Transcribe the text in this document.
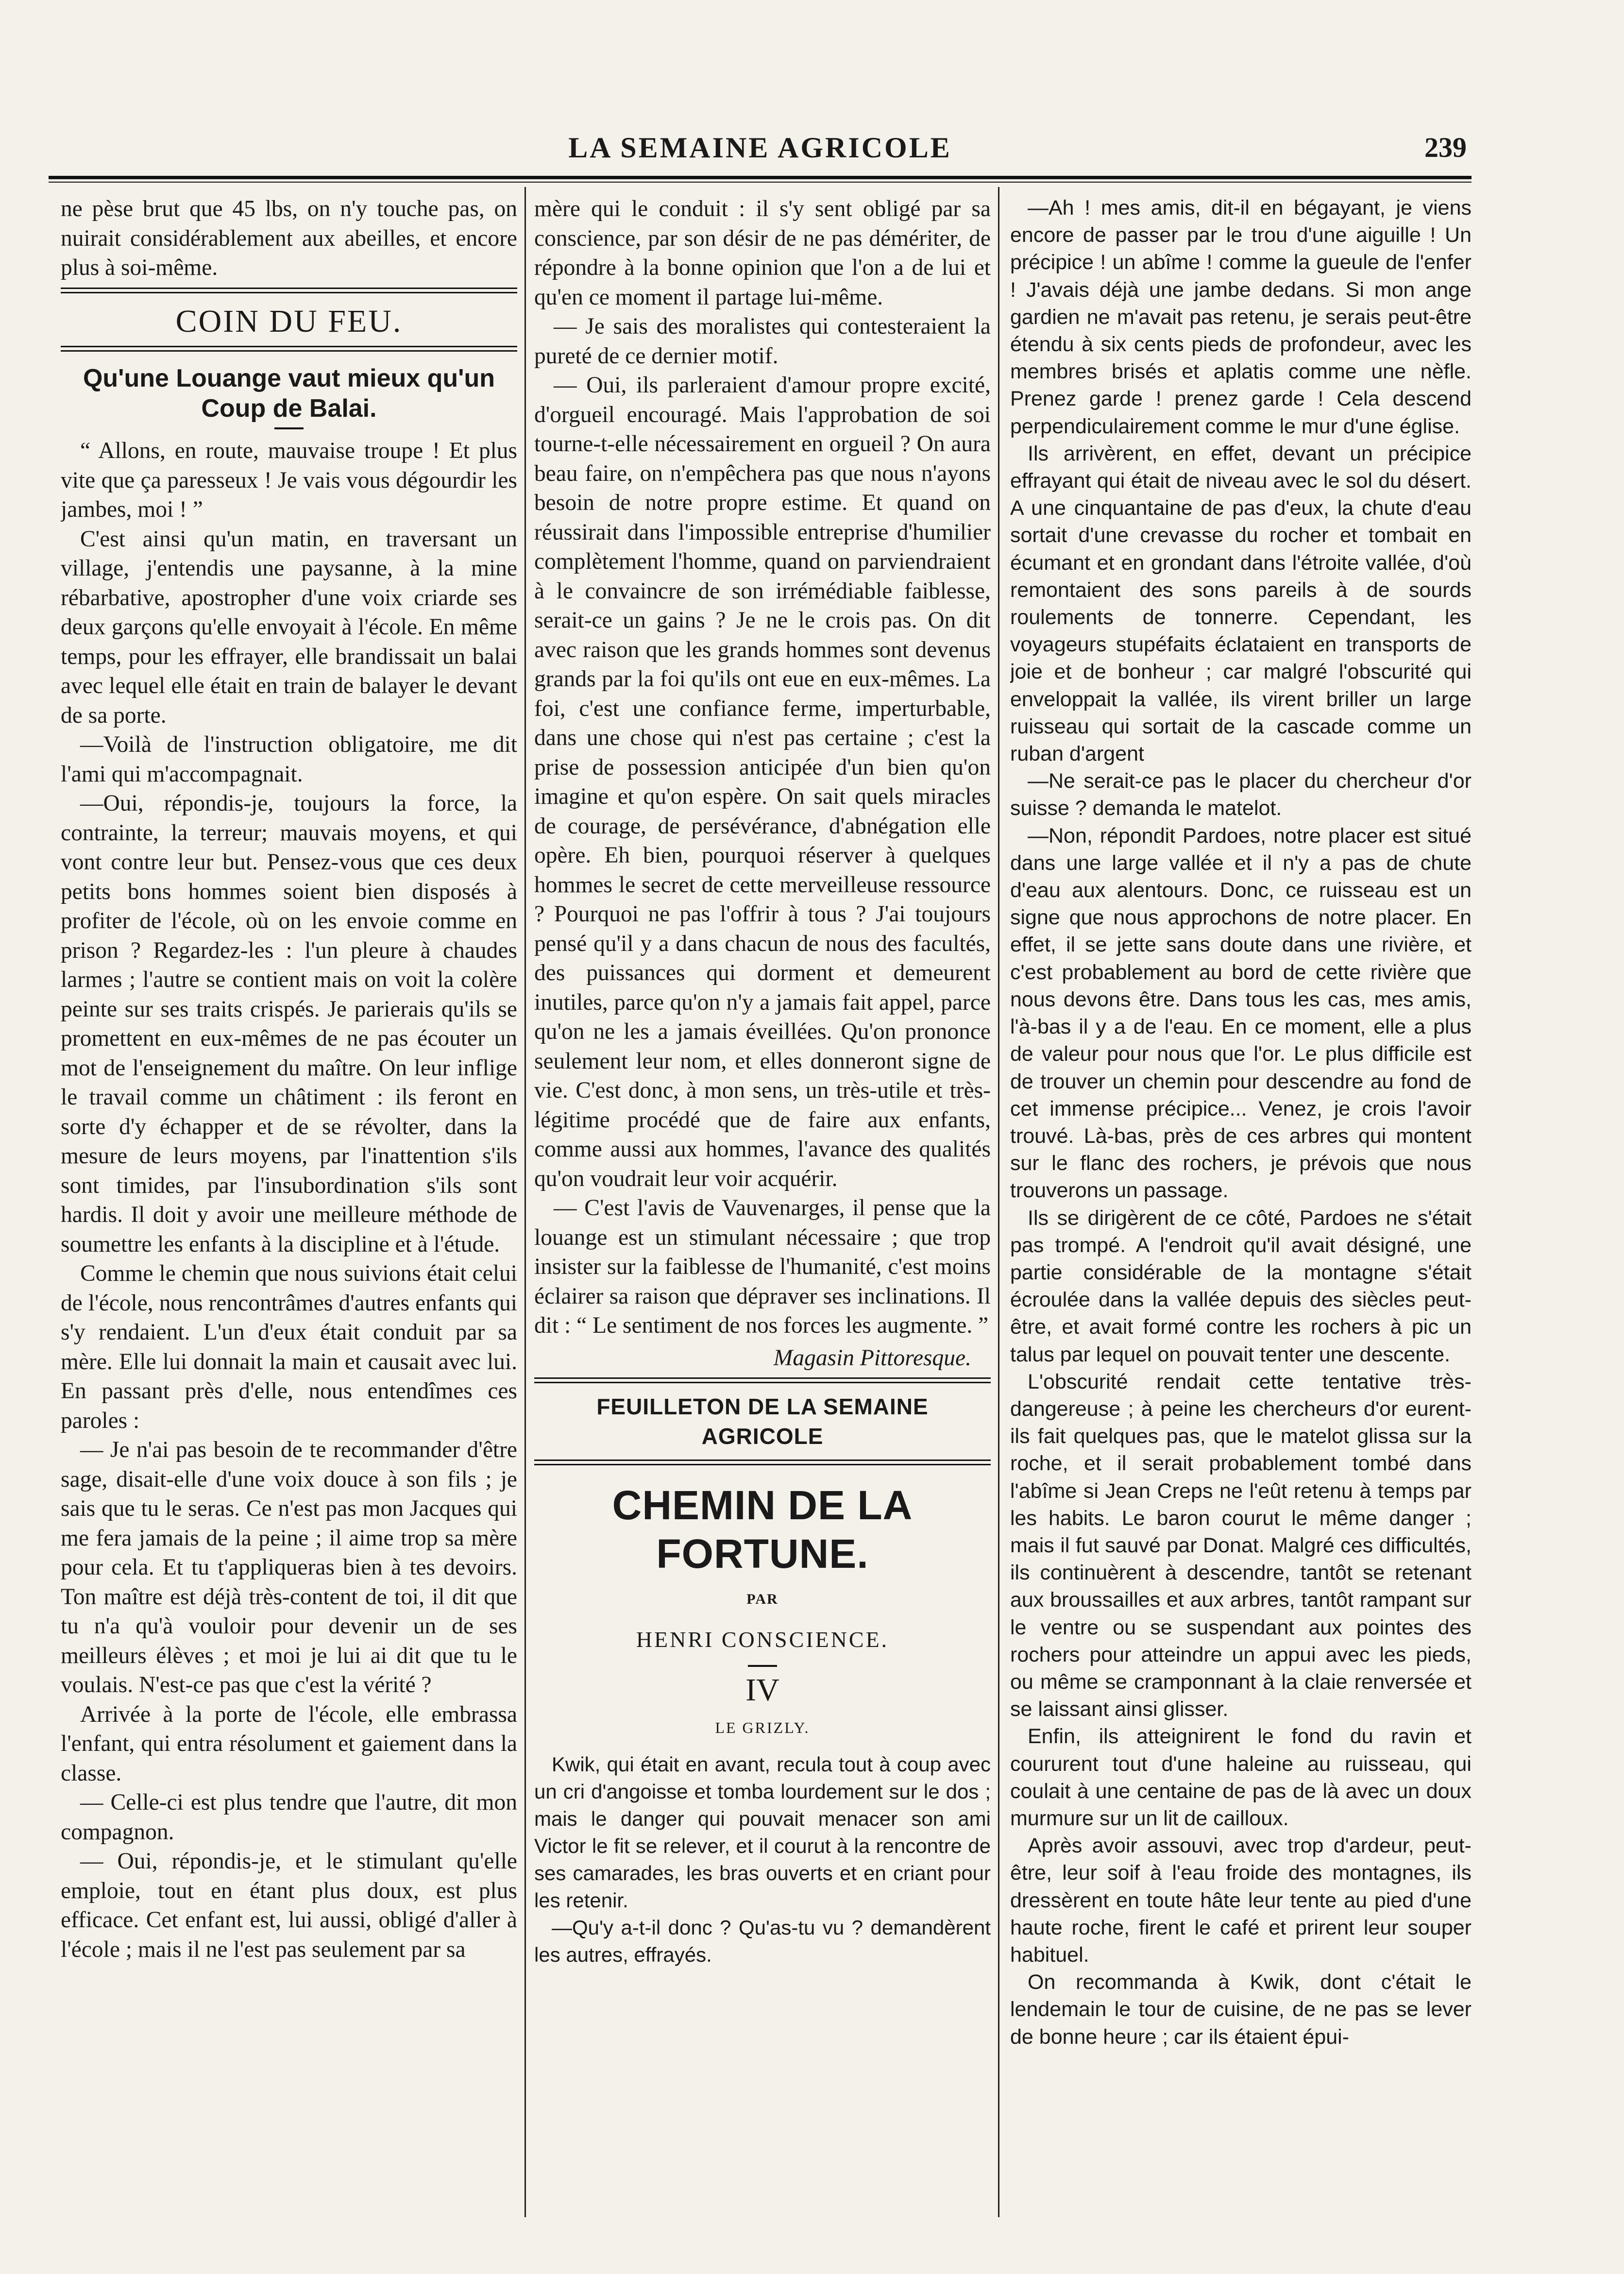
LA SEMAINE AGRICOLE	239

ne pèse brut que 45 lbs, on n'y touche pas, on nuirait considérablement aux abeilles, et encore plus à soi-même.

COIN DU FEU.
Qu'une Louange vaut mieux qu'un
Coup de Balai.

“ Allons, en route, mauvaise troupe ! Et plus vite que ça paresseux ! Je vais vous dégourdir les jambes, moi ! ”

C'est ainsi qu'un matin, en traversant un village, j'entendis une paysanne, à la mine rébarbative, apostropher d'une voix criarde ses deux garçons qu'elle envoyait à l'école. En même temps, pour les effrayer, elle brandissait un balai avec lequel elle était en train de balayer le devant de sa porte.

—Voilà de l'instruction obligatoire, me dit l'ami qui m'accompagnait.

—Oui, répondis-je, toujours la force, la contrainte, la terreur; mauvais moyens, et qui vont contre leur but. Pensez-vous que ces deux petits bons hommes soient bien disposés à profiter de l'école, où on les envoie comme en prison ? Regardez-les : l'un pleure à chaudes larmes ; l'autre se contient mais on voit la colère peinte sur ses traits crispés. Je parierais qu'ils se promettent en eux-mêmes de ne pas écouter un mot de l'enseignement du maître. On leur inflige le travail comme un châtiment : ils feront en sorte d'y échapper et de se révolter, dans la mesure de leurs moyens, par l'inattention s'ils sont timides, par l'insubordination s'ils sont hardis. Il doit y avoir une meilleure méthode de soumettre les enfants à la discipline et à l'étude.

Comme le chemin que nous suivions était celui de l'école, nous rencontrâmes d'autres enfants qui s'y rendaient. L'un d'eux était conduit par sa mère. Elle lui donnait la main et causait avec lui. En passant près d'elle, nous entendîmes ces paroles :

— Je n'ai pas besoin de te recommander d'être sage, disait-elle d'une voix douce à son fils ; je sais que tu le seras. Ce n'est pas mon Jacques qui me fera jamais de la peine ; il aime trop sa mère pour cela. Et tu t'appliqueras bien à tes devoirs. Ton maître est déjà très-content de toi, il dit que tu n'a qu'à vouloir pour devenir un de ses meilleurs élèves ; et moi je lui ai dit que tu le voulais. N'est-ce pas que c'est la vérité ?

Arrivée à la porte de l'école, elle embrassa l'enfant, qui entra résolument et gaiement dans la classe.

— Celle-ci est plus tendre que l'autre, dit mon compagnon.

— Oui, répondis-je, et le stimulant qu'elle emploie, tout en étant plus doux, est plus efficace. Cet enfant est, lui aussi, obligé d'aller à l'école ; mais il ne l'est pas seulement par sa

mère qui le conduit : il s'y sent obligé par sa conscience, par son désir de ne pas démériter, de répondre à la bonne opinion que l'on a de lui et qu'en ce moment il partage lui-même.

— Je sais des moralistes qui contesteraient la pureté de ce dernier motif.

— Oui, ils parleraient d'amour propre excité, d'orgueil encouragé. Mais l'approbation de soi tourne-t-elle nécessairement en orgueil ? On aura beau faire, on n'empêchera pas que nous n'ayons besoin de notre propre estime. Et quand on réussirait dans l'impossible entreprise d'humilier complètement l'homme, quand on parviendraient à le convaincre de son irrémédiable faiblesse, serait-ce un gains ? Je ne le crois pas. On dit avec raison que les grands hommes sont devenus grands par la foi qu'ils ont eue en eux-mêmes. La foi, c'est une confiance ferme, imperturbable, dans une chose qui n'est pas certaine ; c'est la prise de possession anticipée d'un bien qu'on imagine et qu'on espère. On sait quels miracles de courage, de persévérance, d'abnégation elle opère. Eh bien, pourquoi réserver à quelques hommes le secret de cette merveilleuse ressource ? Pourquoi ne pas l'offrir à tous ? J'ai toujours pensé qu'il y a dans chacun de nous des facultés, des puissances qui dorment et demeurent inutiles, parce qu'on n'y a jamais fait appel, parce qu'on ne les a jamais éveillées. Qu'on prononce seulement leur nom, et elles donneront signe de vie. C'est donc, à mon sens, un très-utile et très-légitime procédé que de faire aux enfants, comme aussi aux hommes, l'avance des qualités qu'on voudrait leur voir acquérir.

— C'est l'avis de Vauvenarges, il pense que la louange est un stimulant nécessaire ; que trop insister sur la faiblesse de l'humanité, c'est moins éclairer sa raison que dépraver ses inclinations. Il dit : “ Le sentiment de nos forces les augmente. ”

Magasin Pittoresque.
FEUILLETON DE LA SEMAINE AGRICOLE
CHEMIN DE LA FORTUNE.
PAR
HENRI CONSCIENCE.
IV
LE GRIZLY.

Kwik, qui était en avant, recula tout à coup avec un cri d'angoisse et tomba lourdement sur le dos ; mais le danger qui pouvait menacer son ami Victor le fit se relever, et il courut à la rencontre de ses camarades, les bras ouverts et en criant pour les retenir.

—Qu'y a-t-il donc ? Qu'as-tu vu ? demandèrent les autres, effrayés.

—Ah ! mes amis, dit-il en bégayant, je viens encore de passer par le trou d'une aiguille ! Un précipice ! un abîme ! comme la gueule de l'enfer ! J'avais déjà une jambe dedans. Si mon ange gardien ne m'avait pas retenu, je serais peut-être étendu à six cents pieds de profondeur, avec les membres brisés et aplatis comme une nèfle. Prenez garde ! prenez garde ! Cela descend perpendiculairement comme le mur d'une église.

Ils arrivèrent, en effet, devant un précipice effrayant qui était de niveau avec le sol du désert. A une cinquantaine de pas d'eux, la chute d'eau sortait d'une crevasse du rocher et tombait en écumant et en grondant dans l'étroite vallée, d'où remontaient des sons pareils à de sourds roulements de tonnerre. Cependant, les voyageurs stupéfaits éclataient en transports de joie et de bonheur ; car malgré l'obscurité qui enveloppait la vallée, ils virent briller un large ruisseau qui sortait de la cascade comme un ruban d'argent

—Ne serait-ce pas le placer du chercheur d'or suisse ? demanda le matelot.

—Non, répondit Pardoes, notre placer est situé dans une large vallée et il n'y a pas de chute d'eau aux alentours. Donc, ce ruisseau est un signe que nous approchons de notre placer. En effet, il se jette sans doute dans une rivière, et c'est probablement au bord de cette rivière que nous devons être. Dans tous les cas, mes amis, l'à-bas il y a de l'eau. En ce moment, elle a plus de valeur pour nous que l'or. Le plus difficile est de trouver un chemin pour descendre au fond de cet immense précipice... Venez, je crois l'avoir trouvé. Là-bas, près de ces arbres qui montent sur le flanc des rochers, je prévois que nous trouverons un passage.

Ils se dirigèrent de ce côté, Pardoes ne s'était pas trompé. A l'endroit qu'il avait désigné, une partie considérable de la montagne s'était écroulée dans la vallée depuis des siècles peut-être, et avait formé contre les rochers à pic un talus par lequel on pouvait tenter une descente.

L'obscurité rendait cette tentative très-dangereuse ; à peine les chercheurs d'or eurent-ils fait quelques pas, que le matelot glissa sur la roche, et il serait probablement tombé dans l'abîme si Jean Creps ne l'eût retenu à temps par les habits. Le baron courut le même danger ; mais il fut sauvé par Donat. Malgré ces difficultés, ils continuèrent à descendre, tantôt se retenant aux broussailles et aux arbres, tantôt rampant sur le ventre ou se suspendant aux pointes des rochers pour atteindre un appui avec les pieds, ou même se cramponnant à la claie renversée et se laissant ainsi glisser.

Enfin, ils atteignirent le fond du ravin et coururent tout d'une haleine au ruisseau, qui coulait à une centaine de pas de là avec un doux murmure sur un lit de cailloux.

Après avoir assouvi, avec trop d'ardeur, peut-être, leur soif à l'eau froide des montagnes, ils dressèrent en toute hâte leur tente au pied d'une haute roche, firent le café et prirent leur souper habituel.

On recommanda à Kwik, dont c'était le lendemain le tour de cuisine, de ne pas se lever de bonne heure ; car ils étaient épui-
